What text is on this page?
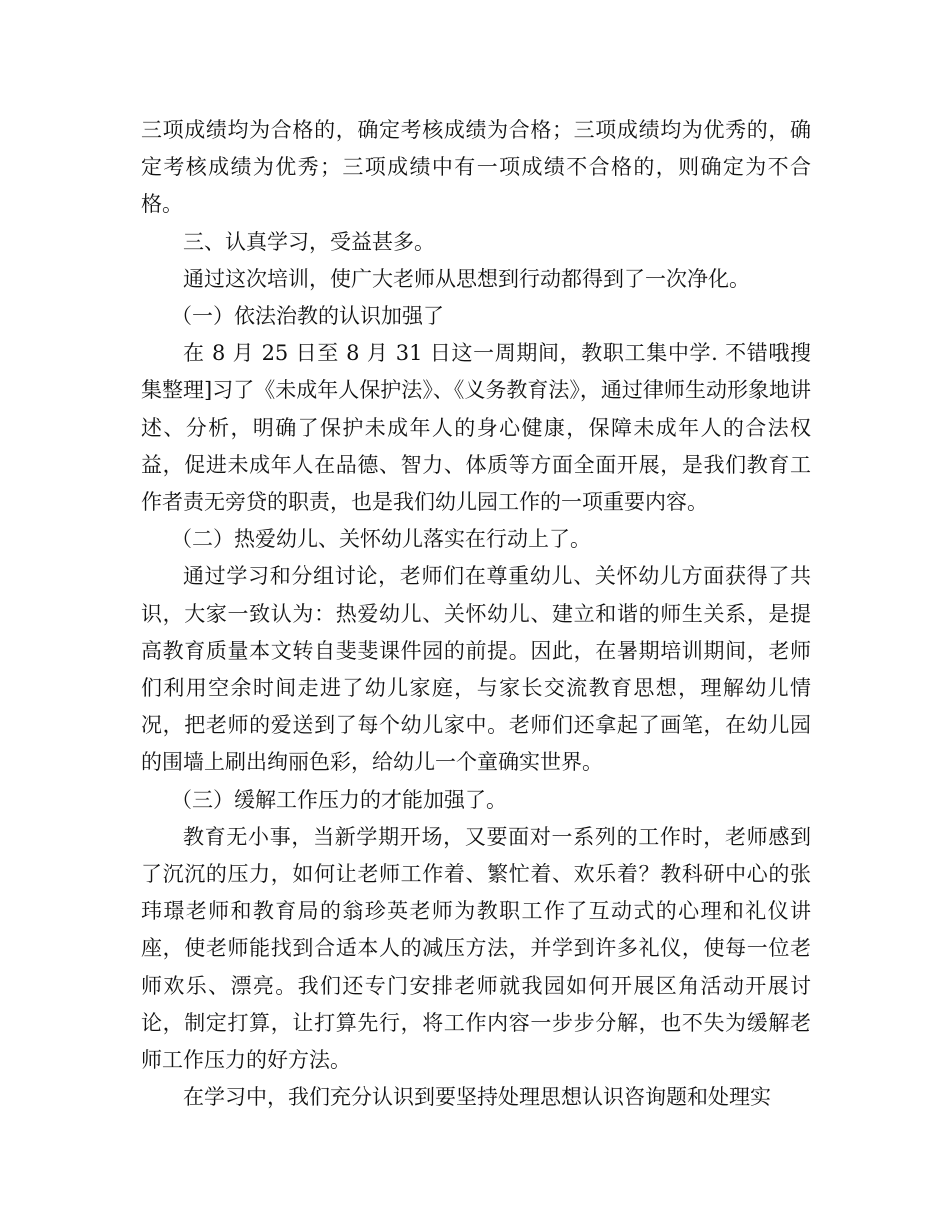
三项成绩均为合格的，确定考核成绩为合格；三项成绩均为优秀的，确定考核成绩为优秀；三项成绩中有一项成绩不合格的，则确定为不合格。

三、认真学习，受益甚多。

通过这次培训，使广大老师从思想到行动都得到了一次净化。

（一）依法治教的认识加强了

在 8 月 25 日至 8 月 31 日这一周期间，教职工集中学. 不错哦搜集整理]习了《未成年人保护法》、《义务教育法》，通过律师生动形象地讲述、分析，明确了保护未成年人的身心健康，保障未成年人的合法权益，促进未成年人在品德、智力、体质等方面全面开展，是我们教育工作者责无旁贷的职责，也是我们幼儿园工作的一项重要内容。

（二）热爱幼儿、关怀幼儿落实在行动上了。

通过学习和分组讨论，老师们在尊重幼儿、关怀幼儿方面获得了共识，大家一致认为：热爱幼儿、关怀幼儿、建立和谐的师生关系，是提高教育质量本文转自斐斐课件园的前提。因此，在暑期培训期间，老师们利用空余时间走进了幼儿家庭，与家长交流教育思想，理解幼儿情况，把老师的爱送到了每个幼儿家中。老师们还拿起了画笔，在幼儿园的围墙上刷出绚丽色彩，给幼儿一个童确实世界。

（三）缓解工作压力的才能加强了。

教育无小事，当新学期开场，又要面对一系列的工作时，老师感到了沉沉的压力，如何让老师工作着、繁忙着、欢乐着？教科研中心的张玮璟老师和教育局的翁珍英老师为教职工作了互动式的心理和礼仪讲座，使老师能找到合适本人的减压方法，并学到许多礼仪，使每一位老师欢乐、漂亮。我们还专门安排老师就我园如何开展区角活动开展讨论，制定打算，让打算先行，将工作内容一步步分解，也不失为缓解老师工作压力的好方法。

在学习中，我们充分认识到要坚持处理思想认识咨询题和处理实
